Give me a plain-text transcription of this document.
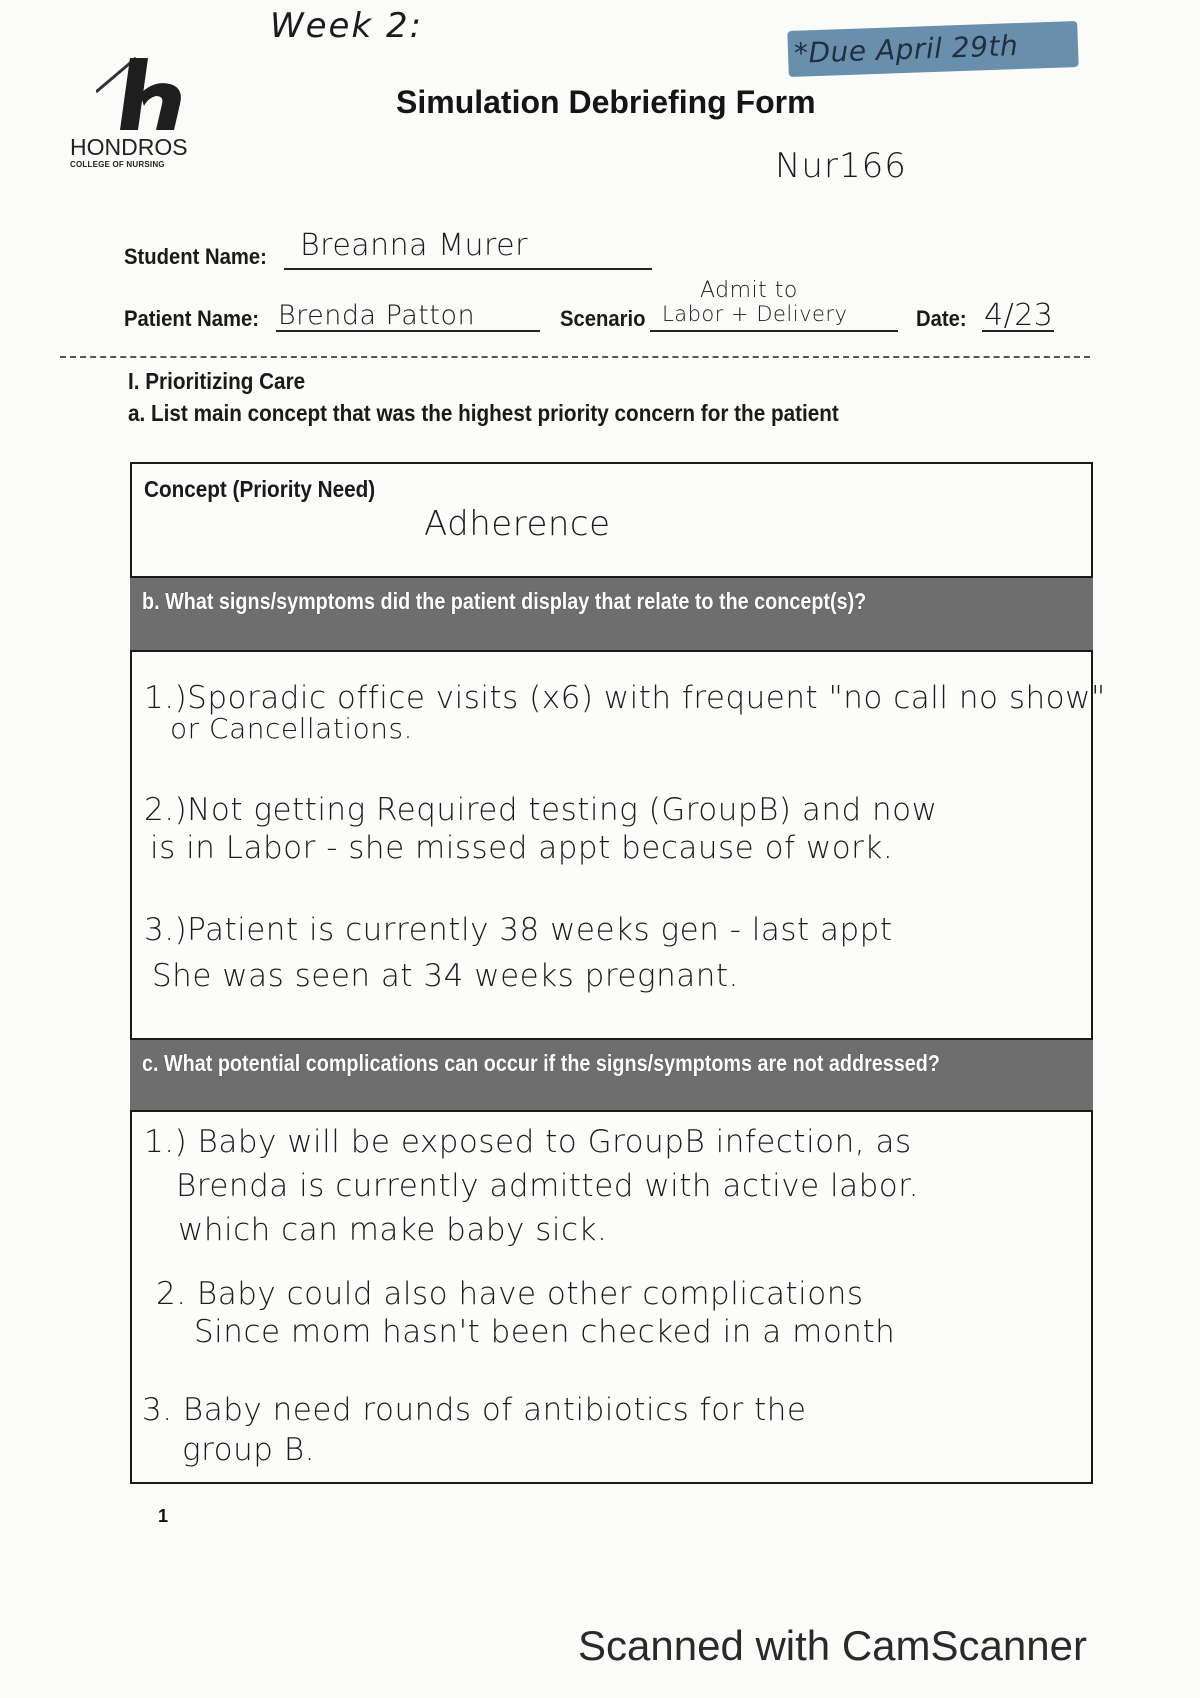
Week 2:
*Due April 29th
HONDROS
COLLEGE OF NURSING
Simulation Debriefing Form
Nur166
Student Name: Breanna Murer
Patient Name: Brenda Patton	Scenario
Admit to
Labor + Delivery	Date: 4/23
I. Prioritizing Care
a. List main concept that was the highest priority concern for the patient
Concept (Priority Need)
Adherence
b. What signs/symptoms did the patient display that relate to the concept(s)?
1.)Sporadic office visits (x6) with frequent "no call no show"
or Cancellations.
2.)Not getting Required testing (GroupB) and now
is in Labor - she missed appt because of work.
3.)Patient is currently 38 weeks gen - last appt
She was seen at 34 weeks pregnant.
c. What potential complications can occur if the signs/symptoms are not addressed?
1.) Baby will be exposed to GroupB infection, as
Brenda is currently admitted with active labor.
which can make baby sick.
2. Baby could also have other complications
Since mom hasn't been checked in a month
3. Baby need rounds of antibiotics for the
group B.
1
Scanned with CamScanner
